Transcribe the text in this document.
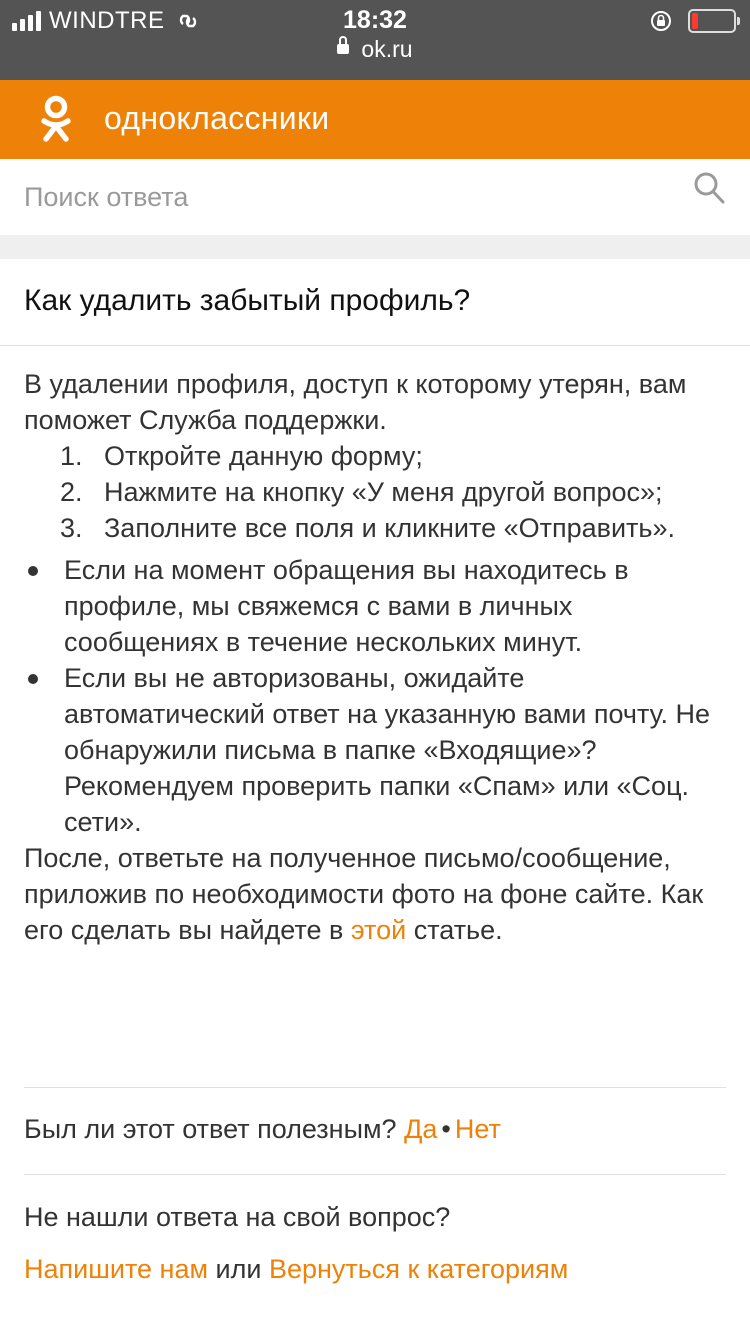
WINDTRE	18:32
ok.ru
одноклассники
Поиск ответа
Как удалить забытый профиль?

В удалении профиля, доступ к которому утерян, вам поможет Служба поддержки.

1. Откройте данную форму;
2. Нажмите на кнопку «У меня другой вопрос»;
3. Заполните все поля и кликните «Отправить».
Если на момент обращения вы находитесь в профиле, мы свяжемся с вами в личных сообщениях в течение нескольких минут.
Если вы не авторизованы, ожидайте автоматический ответ на указанную вами почту. Не обнаружили письма в папке «Входящие»? Рекомендуем проверить папки «Спам» или «Соц. сети».

После, ответьте на полученное письмо/сообщение, приложив по необходимости фото на фоне сайте. Как его сделать вы найдете в этой статье.

Был ли этот ответ полезным? Да • Нет
Не нашли ответа на свой вопрос?
Напишите нам или Вернуться к категориям
